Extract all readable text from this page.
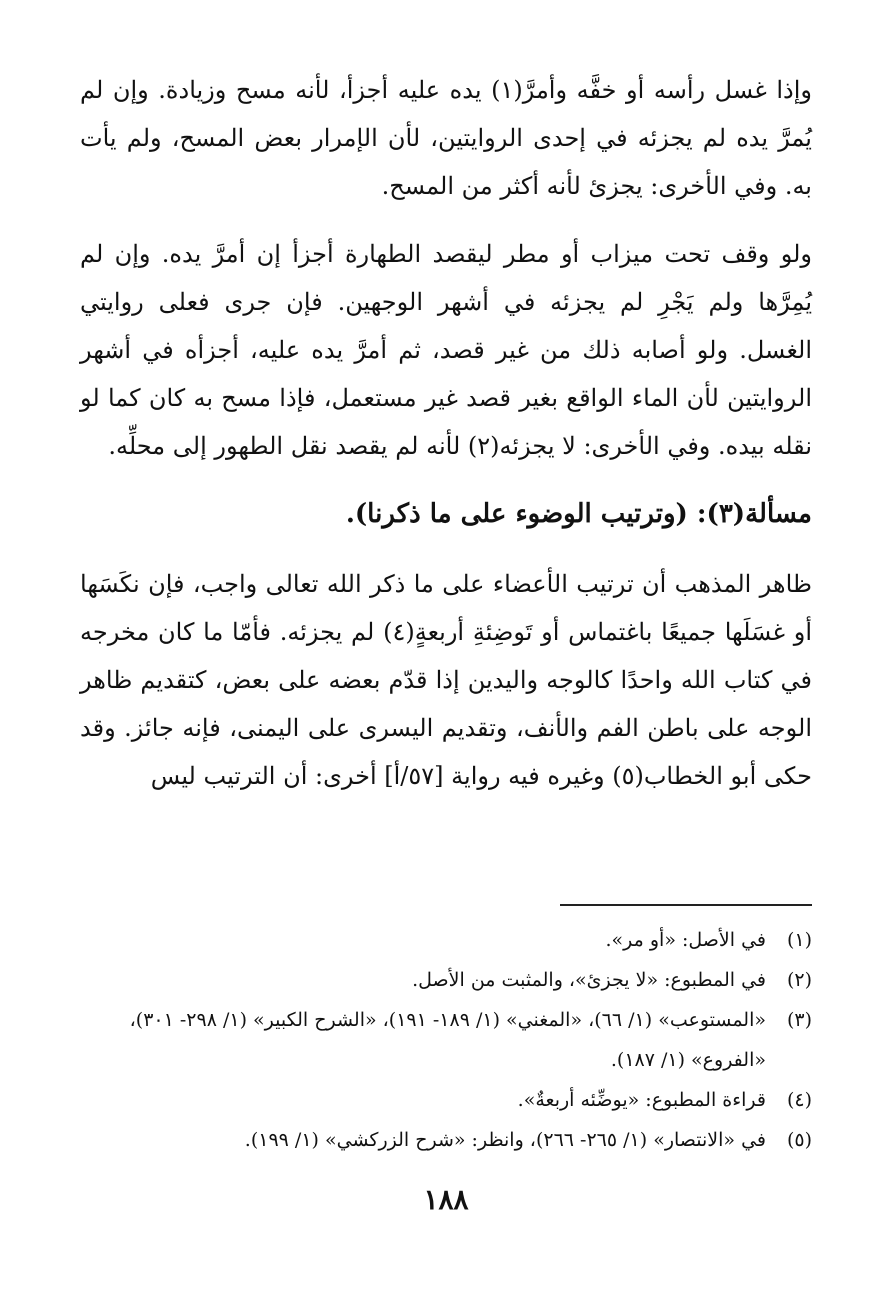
وإذا غسل رأسه أو خفَّه وأمرَّ(١) يده عليه أجزأ، لأنه مسح وزيادة. وإن لم يُمرَّ يده لم يجزئه في إحدى الروايتين، لأن الإمرار بعض المسح، ولم يأت به. وفي الأخرى: يجزئ لأنه أكثر من المسح.

ولو وقف تحت ميزاب أو مطر ليقصد الطهارة أجزأ إن أمرَّ يده. وإن لم يُمِرَّها ولم يَجْرِ لم يجزئه في أشهر الوجهين. فإن جرى فعلى روايتي الغسل. ولو أصابه ذلك من غير قصد، ثم أمرَّ يده عليه، أجزأه في أشهر الروايتين لأن الماء الواقع بغير قصد غير مستعمل، فإذا مسح به كان كما لو نقله بيده. وفي الأخرى: لا يجزئه(٢) لأنه لم يقصد نقل الطهور إلى محلِّه.

مسألة(٣): (وترتيب الوضوء على ما ذكرنا).

ظاهر المذهب أن ترتيب الأعضاء على ما ذكر الله تعالى واجب، فإن نكَسَها أو غسَلَها جميعًا باغتماس أو تَوضِئةِ أربعةٍ(٤) لم يجزئه. فأمّا ما كان مخرجه في كتاب الله واحدًا كالوجه واليدين إذا قدّم بعضه على بعض، كتقديم ظاهر الوجه على باطن الفم والأنف، وتقديم اليسرى على اليمنى، فإنه جائز. وقد حكى أبو الخطاب(٥) وغيره فيه رواية [٥٧/أ] أخرى: أن الترتيب ليس

(١)
في الأصل: «أو مر».
(٢)
في المطبوع: «لا يجزئ»، والمثبت من الأصل.
(٣)
«المستوعب» (١/ ٦٦)، «المغني» (١/ ١٨٩- ١٩١)، «الشرح الكبير» (١/ ٢٩٨- ٣٠١)، «الفروع» (١/ ١٨٧).
(٤)
قراءة المطبوع: «يوضِّئه أربعةٌ».
(٥)
في «الانتصار» (١/ ٢٦٥- ٢٦٦)، وانظر: «شرح الزركشي» (١/ ١٩٩).
١٨٨
